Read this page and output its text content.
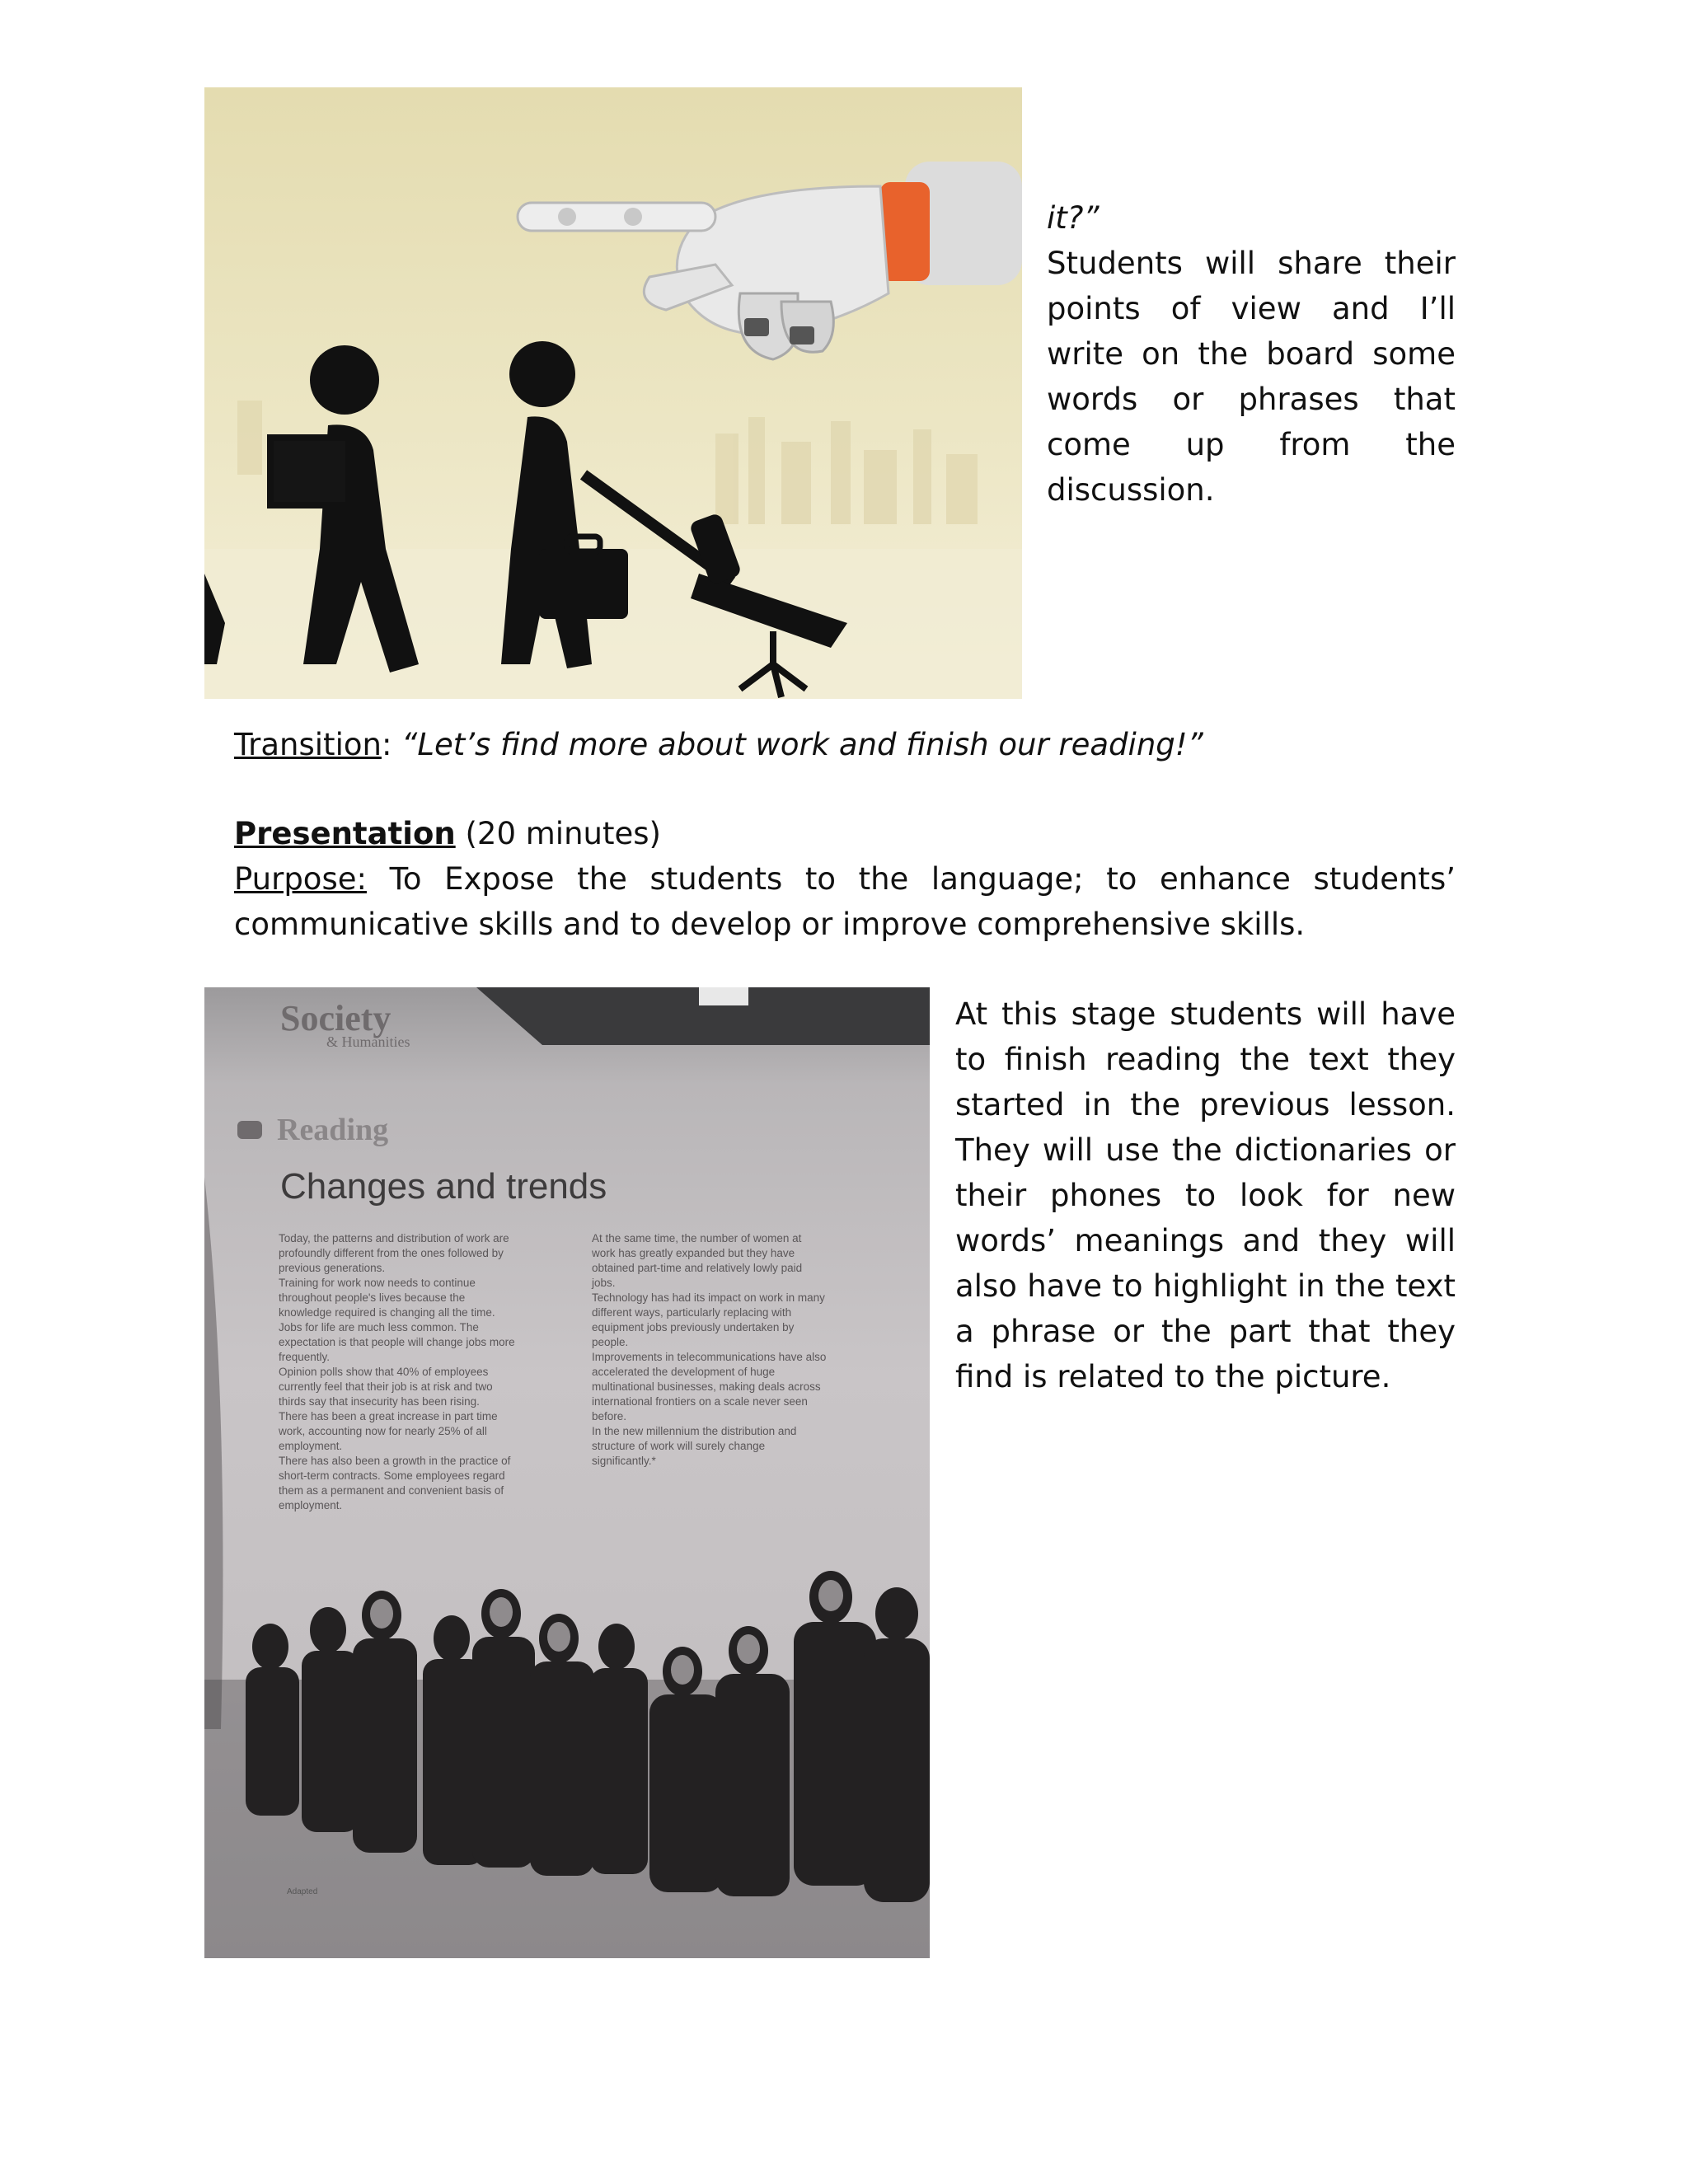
it?”
Students will share their points of view and I’ll write on the board some words or phrases that come up from the discussion.
Transition: “Let’s find more about work and finish our reading!”
Presentation (20 minutes)
Purpose: To Expose the students to the language; to enhance students’ communicative skills and to develop or improve comprehensive skills.
Society
& Humanities
Reading
Changes and trends
Adapted
Today, the patterns and distribution of work are
profoundly different from the ones followed by
previous generations.
Training for work now needs to continue
throughout people's lives because the
knowledge required is changing all the time.
Jobs for life are much less common. The
expectation is that people will change jobs more
frequently.
Opinion polls show that 40% of employees
currently feel that their job is at risk and two
thirds say that insecurity has been rising.
There has been a great increase in part time
work, accounting now for nearly 25% of all
employment.
There has also been a growth in the practice of
short-term contracts. Some employees regard
them as a permanent and convenient basis of
employment.
At the same time, the number of women at
work has greatly expanded but they have
obtained part-time and relatively lowly paid
jobs.
Technology has had its impact on work in many
different ways, particularly replacing with
equipment jobs previously undertaken by
people.
Improvements in telecommunications have also
accelerated the development of huge
multinational businesses, making deals across
international frontiers on a scale never seen
before.
In the new millennium the distribution and
structure of work will surely change
significantly.*
At this stage students will have to finish reading the text they started in the previous lesson. They will use the dictionaries or their phones to look for new words’ meanings and they will also have to highlight in the text a phrase or the part that they find is related to the picture.
